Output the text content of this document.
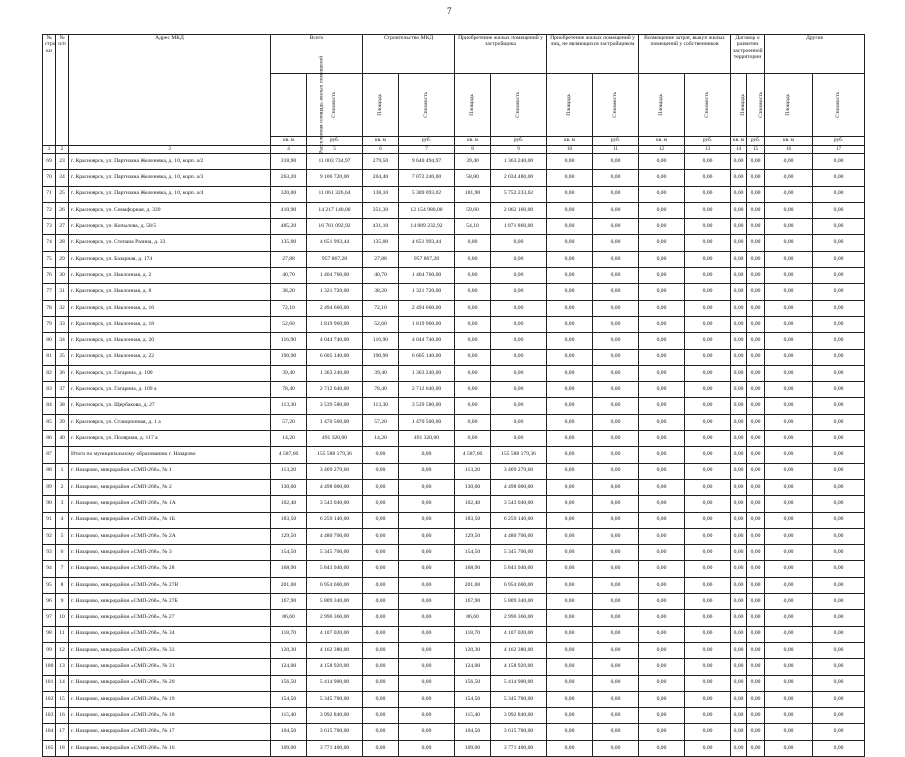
7
№ стро ки	№ п/п	Адрес МКД	Всего		Строительство МКД		Приобретение жилых помещений у застройщика		Приобретение жилых помещений у лиц, не являющихся застройщиком		Возмещение затрат, выкуп жилых помещений у собственников		Договор о развитии застроенной территории		Другие	
			Расселяемая площадь жилых помещений	Стоимость	Площадь	Стоимость	Площадь	Стоимость	Площадь	Стоимость	Площадь	Стоимость	Площадь	Стоимость	Площадь	Стоимость
			кв. м	руб.	кв. м	руб.	кв. м	руб.	кв. м	руб.	кв. м	руб.	кв. м	руб.	кв. м	руб.
1	2	3	4	5	6	7	8	9	10	11	12	13	14	15	16	17
69	23	г. Красноярск, ул. Партизана Железняка, д. 10, корп. а/2	318,90	11 003 734,97	279,50	9 640 494,97	39,40	1 363 240,00	0,00	0,00	0,00	0,00	0,00	0,00	0,00	0,00
70	24	г. Красноярск, ул. Партизана Железняка, д. 10, корп. а/3	263,20	9 106 720,00	204,40	7 072 240,00	58,80	2 034 480,00	0,00	0,00	0,00	0,00	0,00	0,00	0,00	0,00
71	25	г. Красноярск, ул. Партизана Железняка, д. 10, корп. а/4	320,00	11 061 326,64	138,10	5 309 093,02	181,90	5 752 233,62	0,00	0,00	0,00	0,00	0,00	0,00	0,00	0,00
72	26	г. Красноярск, ул. Семафорная, д. 339	410,90	14 217 140,00	351,30	12 154 980,00	59,60	2 062 160,00	0,00	0,00	0,00	0,00	0,00	0,00	0,00	0,00
73	27	г. Красноярск, ул. Копылова, д. 58/5	485,20	16 761 092,92	431,10	14 889 232,92	54,10	1 871 860,00	0,00	0,00	0,00	0,00	0,00	0,00	0,00	0,00
74	28	г. Красноярск, ул. Степана Разина, д. 33	135,00	4 651 993,44	135,00	4 651 993,44	0,00	0,00	0,00	0,00	0,00	0,00	0,00	0,00	0,00	0,00
75	29	г. Красноярск, ул. Базарная, д. 174	27,88	957 867,28	27,88	957 867,28	0,00	0,00	0,00	0,00	0,00	0,00	0,00	0,00	0,00	0,00
76	30	г. Красноярск, ул. Наклонная, д. 2	40,70	1 404 760,00	40,70	1 404 760,00	0,00	0,00	0,00	0,00	0,00	0,00	0,00	0,00	0,00	0,00
77	31	г. Красноярск, ул. Наклонная, д. 8	38,20	1 321 720,00	38,20	1 321 720,00	0,00	0,00	0,00	0,00	0,00	0,00	0,00	0,00	0,00	0,00
78	32	г. Красноярск, ул. Наклонная, д. 16	72,10	2 494 660,00	72,10	2 494 660,00	0,00	0,00	0,00	0,00	0,00	0,00	0,00	0,00	0,00	0,00
79	33	г. Красноярск, ул. Наклонная, д. 18	52,60	1 819 960,00	52,60	1 819 960,00	0,00	0,00	0,00	0,00	0,00	0,00	0,00	0,00	0,00	0,00
80	34	г. Красноярск, ул. Наклонная, д. 20	116,90	4 044 740,00	116,90	4 044 740,00	0,00	0,00	0,00	0,00	0,00	0,00	0,00	0,00	0,00	0,00
81	35	г. Красноярск, ул. Наклонная, д. 22	190,90	6 605 140,00	190,90	6 605 140,00	0,00	0,00	0,00	0,00	0,00	0,00	0,00	0,00	0,00	0,00
82	36	г. Красноярск, ул. Гагарина, д. 100	39,40	1 363 240,00	39,40	1 363 240,00	0,00	0,00	0,00	0,00	0,00	0,00	0,00	0,00	0,00	0,00
83	37	г. Красноярск, ул. Гагарина, д. 109 а	78,40	2 712 640,00	78,40	2 712 640,00	0,00	0,00	0,00	0,00	0,00	0,00	0,00	0,00	0,00	0,00
84	38	г. Красноярск, ул. Щербакова, д. 27	113,30	3 539 580,00	113,30	3 539 580,00	0,00	0,00	0,00	0,00	0,00	0,00	0,00	0,00	0,00	0,00
85	39	г. Красноярск, ул. Станционная, д. 1 а	57,20	1 470 500,00	57,20	1 470 500,00	0,00	0,00	0,00	0,00	0,00	0,00	0,00	0,00	0,00	0,00
86	40	г. Красноярск, ул. Полярная, д. 117 а	14,20	491 320,00	14,20	491 320,00	0,00	0,00	0,00	0,00	0,00	0,00	0,00	0,00	0,00	0,00
87		Итого по муниципальному образованию г. Назарово	4 587,60	155 588 179,36	0,00	0,00	4 587,60	155 588 179,36	0,00	0,00	0,00	0,00	0,00	0,00	0,00	0,00
88	1	г. Назарово, микрорайон «СМП-268», № 1	113,20	3 469 279,60	0,00	0,00	113,20	3 469 279,60	0,00	0,00	0,00	0,00	0,00	0,00	0,00	0,00
89	2	г. Назарово, микрорайон «СМП-268», № 2	130,00	4 498 000,00	0,00	0,00	130,00	4 498 000,00	0,00	0,00	0,00	0,00	0,00	0,00	0,00	0,00
90	3	г. Назарово, микрорайон «СМП-268», № 1А	102,40	3 543 040,00	0,00	0,00	102,40	3 543 040,00	0,00	0,00	0,00	0,00	0,00	0,00	0,00	0,00
91	4	г. Назарово, микрорайон «СМП-268», № 1Б	183,50	6 259 140,00	0,00	0,00	183,50	6 259 140,00	0,00	0,00	0,00	0,00	0,00	0,00	0,00	0,00
92	5	г. Назарово, микрорайон «СМП-268», № 2А	129,50	4 480 700,00	0,00	0,00	129,50	4 480 700,00	0,00	0,00	0,00	0,00	0,00	0,00	0,00	0,00
93	6	г. Назарово, микрорайон «СМП-268», № 3	154,50	5 345 700,00	0,00	0,00	154,50	5 345 700,00	0,00	0,00	0,00	0,00	0,00	0,00	0,00	0,00
94	7	г. Назарово, микрорайон «СМП-268», № 28	168,90	5 843 940,00	0,00	0,00	168,90	5 843 940,00	0,00	0,00	0,00	0,00	0,00	0,00	0,00	0,00
95	8	г. Назарово, микрорайон «СМП-268», № 27В	201,00	6 954 600,00	0,00	0,00	201,00	6 954 600,00	0,00	0,00	0,00	0,00	0,00	0,00	0,00	0,00
96	9	г. Назарово, микрорайон «СМП-268», № 27Б	167,90	5 809 340,00	0,00	0,00	167,90	5 809 340,00	0,00	0,00	0,00	0,00	0,00	0,00	0,00	0,00
97	10	г. Назарово, микрорайон «СМП-268», № 27	86,60	2 996 360,00	0,00	0,00	86,60	2 996 360,00	0,00	0,00	0,00	0,00	0,00	0,00	0,00	0,00
98	11	г. Назарово, микрорайон «СМП-268», № 34	118,70	4 107 020,00	0,00	0,00	118,70	4 107 020,00	0,00	0,00	0,00	0,00	0,00	0,00	0,00	0,00
99	12	г. Назарово, микрорайон «СМП-268», № 33	120,30	4 162 380,00	0,00	0,00	120,30	4 162 380,00	0,00	0,00	0,00	0,00	0,00	0,00	0,00	0,00
100	13	г. Назарово, микрорайон «СМП-268», № 31	124,00	4 158 920,00	0,00	0,00	124,00	4 158 920,00	0,00	0,00	0,00	0,00	0,00	0,00	0,00	0,00
101	14	г. Назарово, микрорайон «СМП-268», № 20	156,50	5 414 900,00	0,00	0,00	156,50	5 414 900,00	0,00	0,00	0,00	0,00	0,00	0,00	0,00	0,00
102	15	г. Назарово, микрорайон «СМП-268», № 19	154,50	5 345 700,00	0,00	0,00	154,50	5 345 700,00	0,00	0,00	0,00	0,00	0,00	0,00	0,00	0,00
103	16	г. Назарово, микрорайон «СМП-268», № 18	115,40	3 992 840,00	0,00	0,00	115,40	3 992 840,00	0,00	0,00	0,00	0,00	0,00	0,00	0,00	0,00
104	17	г. Назарово, микрорайон «СМП-268», № 17	104,50	3 615 700,00	0,00	0,00	104,50	3 615 700,00	0,00	0,00	0,00	0,00	0,00	0,00	0,00	0,00
105	18	г. Назарово, микрорайон «СМП-268», № 16	109,00	3 771 400,00	0,00	0,00	109,00	3 771 400,00	0,00	0,00	0,00	0,00	0,00	0,00	0,00	0,00
